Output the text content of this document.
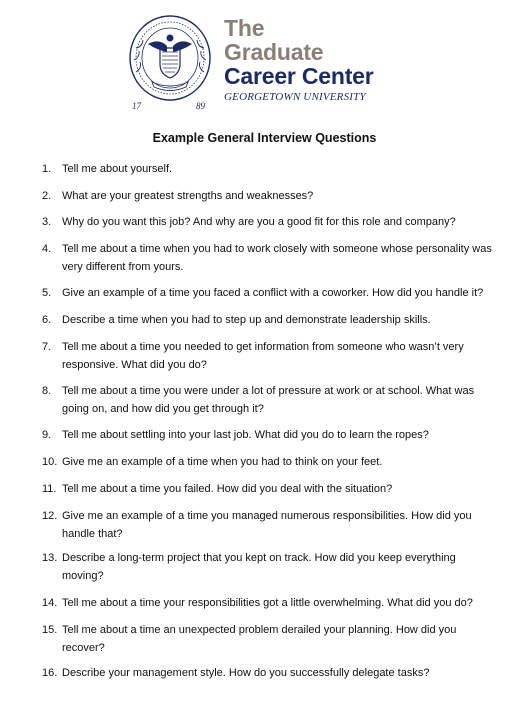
17	89
The
Graduate
Career Center
GEORGETOWN UNIVERSITY
Example General Interview Questions
1. Tell me about yourself.
2. What are your greatest strengths and weaknesses?
3. Why do you want this job? And why are you a good fit for this role and company?
4. Tell me about a time when you had to work closely with someone whose personality was very different from yours.
5. Give an example of a time you faced a conflict with a coworker. How did you handle it?
6. Describe a time when you had to step up and demonstrate leadership skills.
7. Tell me about a time you needed to get information from someone who wasn’t very responsive. What did you do?
8. Tell me about a time you were under a lot of pressure at work or at school. What was going on, and how did you get through it?
9. Tell me about settling into your last job. What did you do to learn the ropes?
10. Give me an example of a time when you had to think on your feet.
11. Tell me about a time you failed. How did you deal with the situation?
12. Give me an example of a time you managed numerous responsibilities. How did you handle that?
13. Describe a long-term project that you kept on track. How did you keep everything moving?
14. Tell me about a time your responsibilities got a little overwhelming. What did you do?
15. Tell me about a time an unexpected problem derailed your planning. How did you recover?
16. Describe your management style. How do you successfully delegate tasks?
